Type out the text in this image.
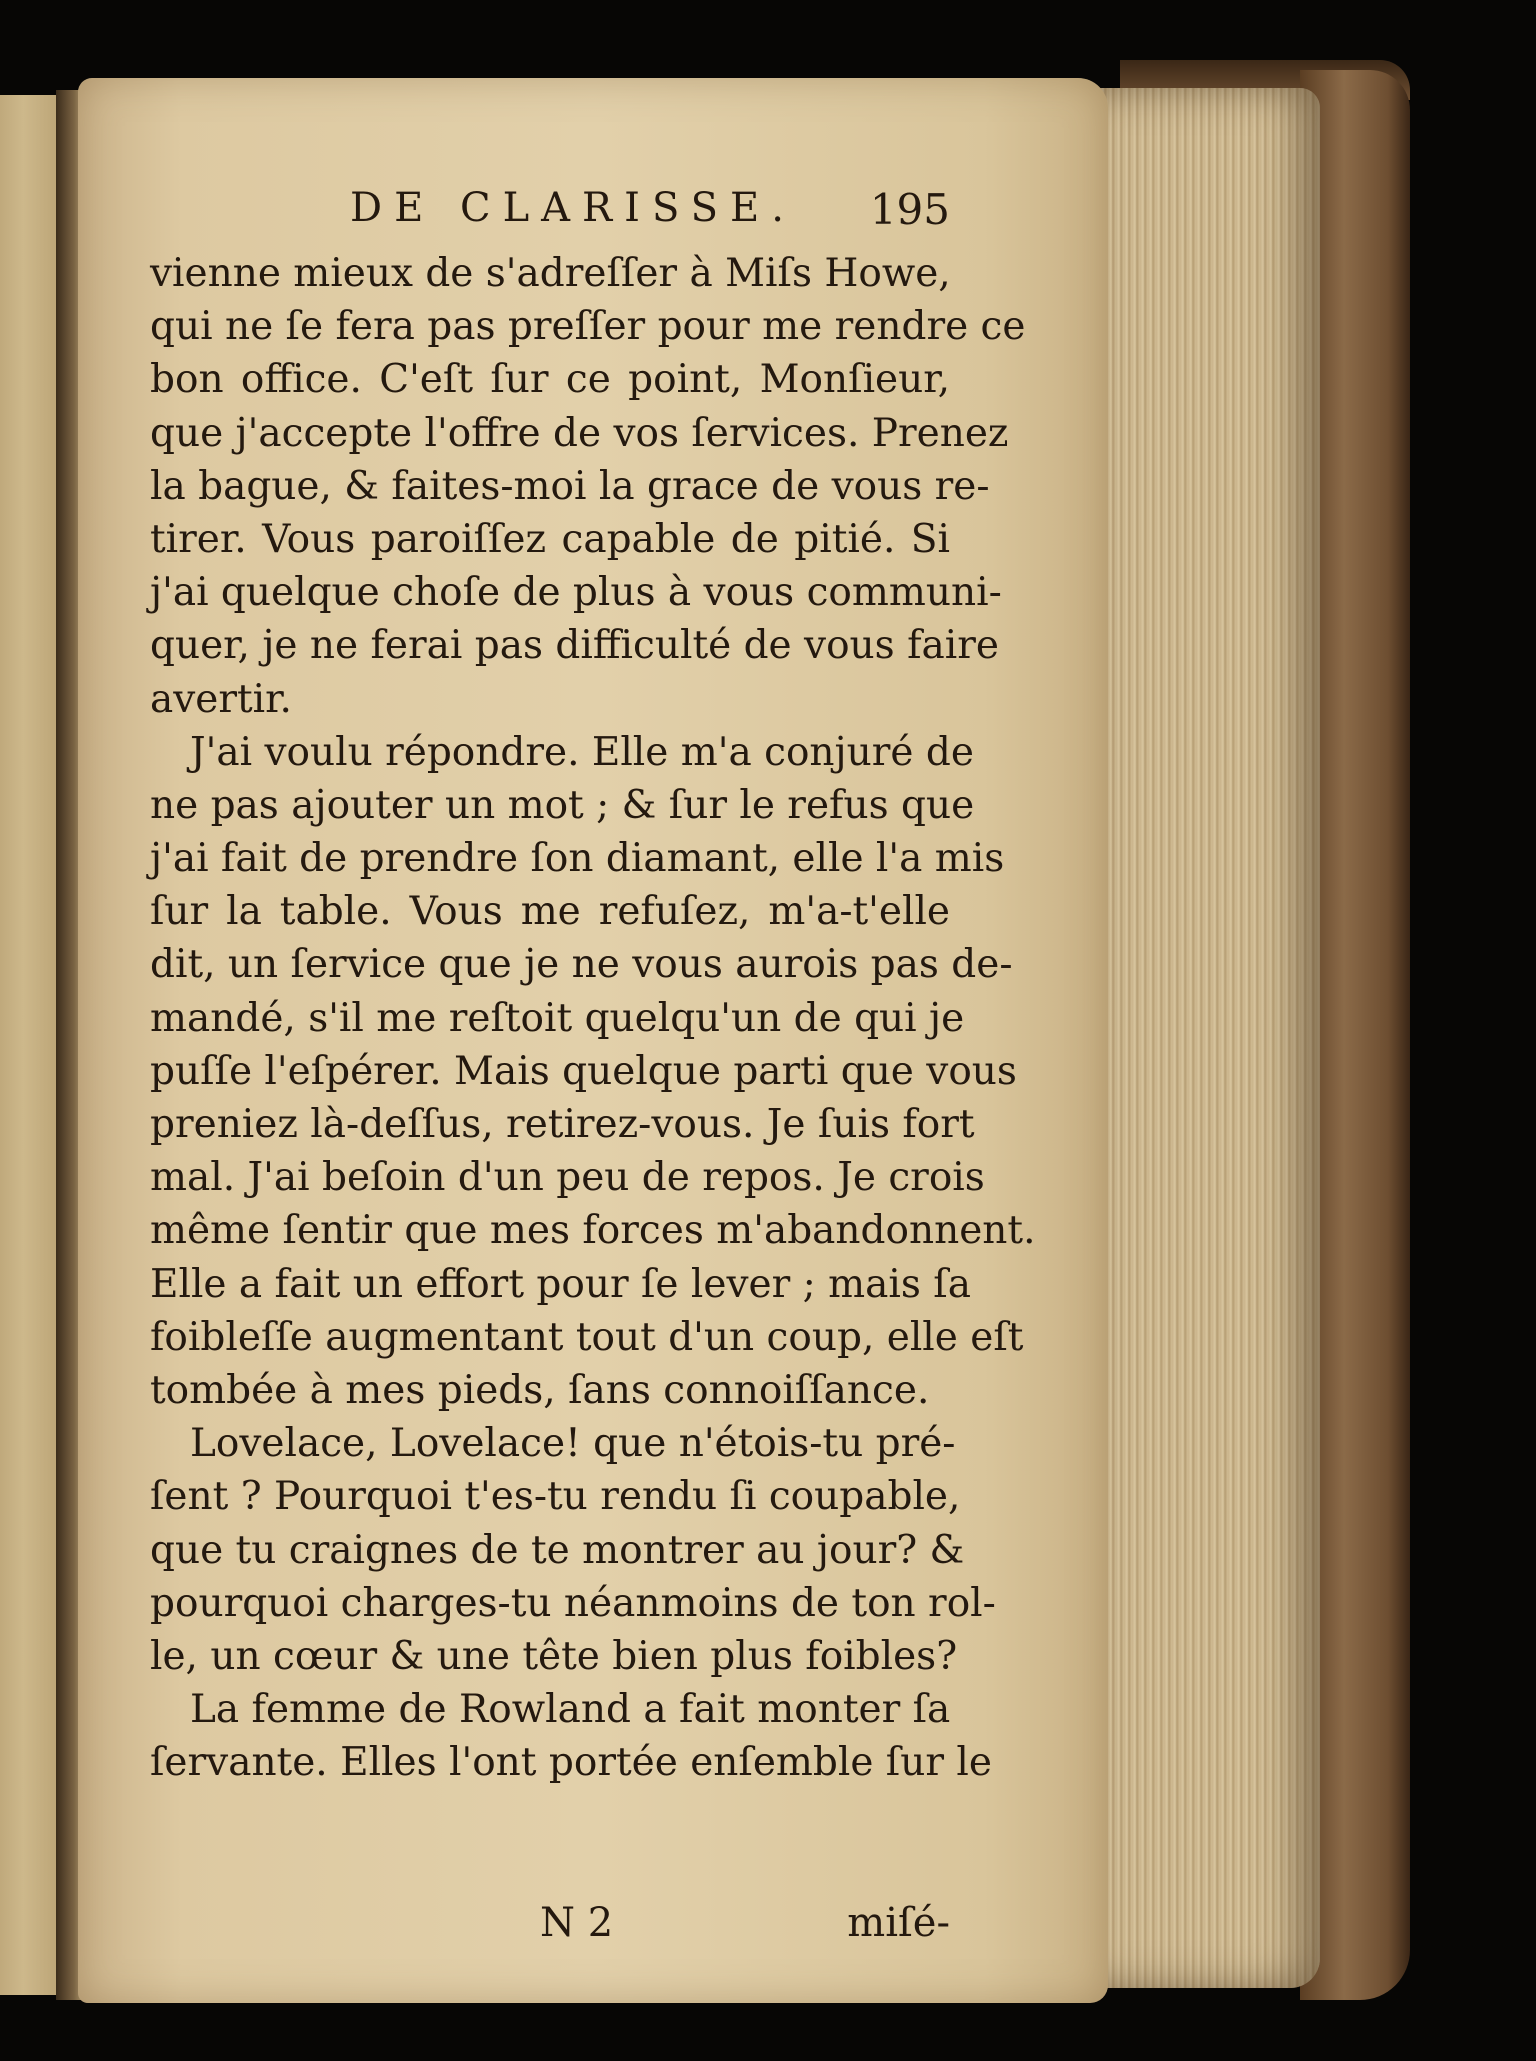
DE CLARISSE. 195
vienne mieux de s'adreſſer à Miſs Howe,
qui ne ſe fera pas preſſer pour me rendre ce
bon office. C'eſt ſur ce point, Monſieur,
que j'accepte l'offre de vos ſervices. Prenez
la bague, & faites-moi la grace de vous re-
tirer. Vous paroiſſez capable de pitié. Si
j'ai quelque choſe de plus à vous communi-
quer, je ne ferai pas difficulté de vous faire
avertir.
J'ai voulu répondre. Elle m'a conjuré de
ne pas ajouter un mot ; & ſur le refus que
j'ai fait de prendre ſon diamant, elle l'a mis
ſur la table. Vous me refuſez, m'a-t'elle
dit, un ſervice que je ne vous aurois pas de-
mandé, s'il me reſtoit quelqu'un de qui je
puſſe l'eſpérer. Mais quelque parti que vous
preniez là-deſſus, retirez-vous. Je ſuis fort
mal. J'ai beſoin d'un peu de repos. Je crois
même ſentir que mes forces m'abandonnent.
Elle a fait un effort pour ſe lever ; mais ſa
foibleſſe augmentant tout d'un coup, elle eſt
tombée à mes pieds, ſans connoiſſance.
Lovelace, Lovelace! que n'étois-tu pré-
ſent ? Pourquoi t'es-tu rendu ſi coupable,
que tu craignes de te montrer au jour? &
pourquoi charges-tu néanmoins de ton rol-
le, un cœur & une tête bien plus foibles?
La femme de Rowland a fait monter ſa
ſervante. Elles l'ont portée enſemble ſur le
N 2	miſé-
